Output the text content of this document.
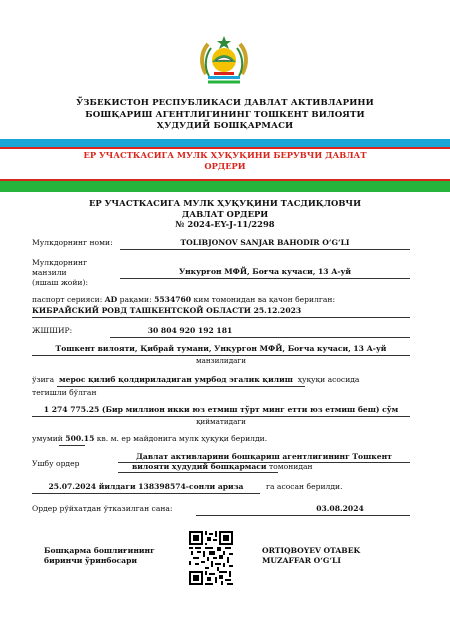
ЎЗБЕКИСТОН РЕСПУБЛИКАСИ ДАВЛАТ АКТИВЛАРИНИ
БОШҚАРИШ АГЕНТЛИГИНИНГ ТОШКЕНТ ВИЛОЯТИ
ҲУДУДИЙ БОШҚАРМАСИ
ЕР УЧАСТКАСИГА МУЛК ҲУҚУҚИНИ БЕРУВЧИ ДАВЛАТ
ОРДЕРИ
ЕР УЧАСТКАСИГА МУЛК ҲУҚУҚИНИ ТАСДИҚЛОВЧИ
ДАВЛАТ ОРДЕРИ
№ 2024-EY-J-11/2298
Мулкдорнинг номи:	TOLIBJONOV SANJAR BAHODIR O‘G‘LI
Мулкдорнинг
манзили
(яшаш жойи):
Ункурғон МФЙ, Боғча кучаси, 13 А-уй
паспорт серияси: AD рақами: 5534760 ким томонидан ва қачон берилган:
КИБРАЙСКИЙ РОВД ТАШКЕНТСКОЙ ОБЛАСТИ 25.12.2023
ЖШШИР:	30 804 920 192 181
Тошкент вилояти, Қибрай тумани, Унқургон МФЙ, Боғча кучаси, 13 А-уй
манзилидаги
ўзига мерос қилиб қолдириладиган умрбод эгалик қилиш ҳуқуқи асосида
тегишли бўлган
1 274 775.25 (Бир миллион икки юз етмиш тўрт минг етти юз етмиш беш) сўм
қийматидаги
умумий 500.15 кв. м. ер майдонига мулк ҳуқуқи берилди.
Ушбу ордер
Давлат активларини бошқариш агентлигининг Тошкент
вилояти ҳудудий бошқармаси томонидан
25.07.2024 йилдаги 138398574-сонли ариза	га асосан берилди.
Ордер рўйхатдан ўтказилган сана:	03.08.2024
Бошқарма бошлиғининг
биринчи ўринбосари
ORTIQBOYEV OTABEK
MUZAFFAR O‘G‘LI
